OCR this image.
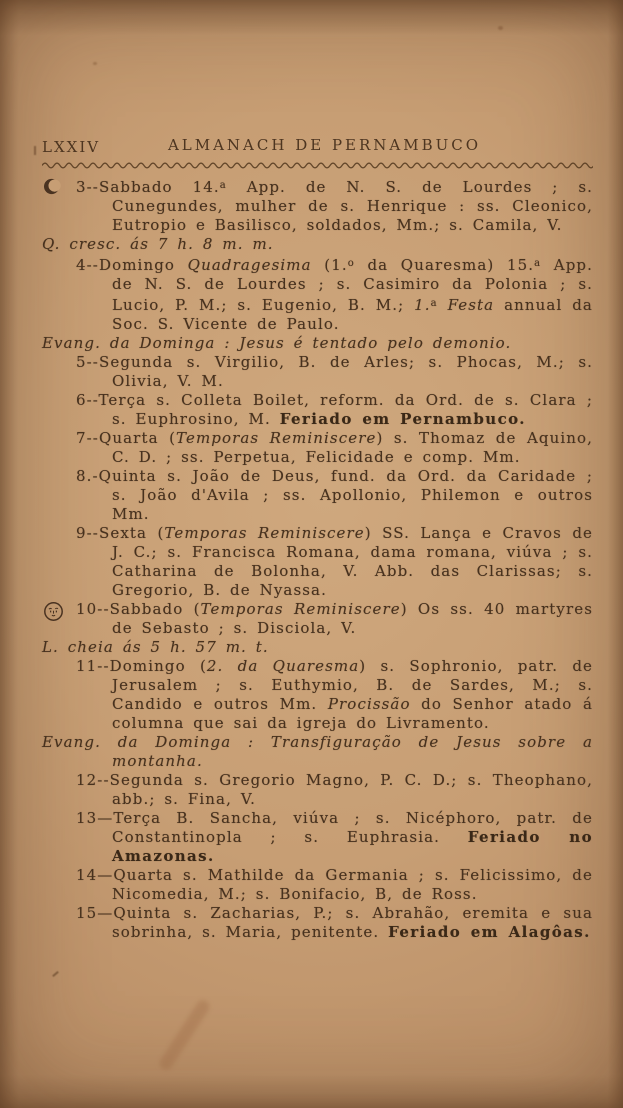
LXXIV	ALMANACH DE PERNAMBUCO

3--Sabbado 14.$^a$ App. de N. S. de Lourdes ; s. Cunegundes, mulher de s. Henrique : ss. Cleonico, Eutropio e Basilisco, soldados, Mm.; s. Camila, V.

Q. cresc. ás 7 h. 8 m. m.

4--Domingo Quadragesima (1.$^o$ da Quaresma) 15.$^a$ App. de N. S. de Lourdes ; s. Casimiro da Polonia ; s. Lucio, P. M.; s. Eugenio, B. M.; 1.$^a$ Festa annual da Soc. S. Vicente de Paulo.

Evang. da Dominga : Jesus é tentado pelo demonio.

5--Segunda s. Virgilio, B. de Arles; s. Phocas, M.; s. Olivia, V. M.

6--Terça s. Colleta Boilet, reform. da Ord. de s. Clara ; s. Euphrosino, M. Feriado em Pernambuco.

7--Quarta (Temporas Reminiscere) s. Thomaz de Aquino, C. D. ; ss. Perpetua, Felicidade e comp. Mm.

8.-Quinta s. João de Deus, fund. da Ord. da Caridade ; s. João d'Avila ; ss. Apollonio, Philemon e outros Mm.

9--Sexta (Temporas Reminiscere) SS. Lança e Cravos de J. C.; s. Francisca Romana, dama romana, viúva ; s. Catharina de Bolonha, V. Abb. das Clarissas; s. Gregorio, B. de Nyassa.

10--Sabbado (Temporas Reminiscere) Os ss. 40 martyres de Sebasto ; s. Disciola, V.

L. cheia ás 5 h. 57 m. t.

11--Domingo (2. da Quaresma) s. Sophronio, patr. de Jerusalem ; s. Euthymio, B. de Sardes, M.; s. Candido e outros Mm. Procissão do Senhor atado á columna que sai da igreja do Livramento.

Evang. da Dominga : Transfiguração de Jesus sobre a montanha.

12--Segunda s. Gregorio Magno, P. C. D.; s. Theophano, abb.; s. Fina, V.

13—Terça B. Sancha, viúva ; s. Nicéphoro, patr. de Constantinopla ; s. Euphrasia. Feriado no Amazonas.

14—Quarta s. Mathilde da Germania ; s. Felicissimo, de Nicomedia, M.; s. Bonifacio, B, de Ross.

15—Quinta s. Zacharias, P.; s. Abrahão, eremita e sua sobrinha, s. Maria, penitente. Feriado em Alagôas.
